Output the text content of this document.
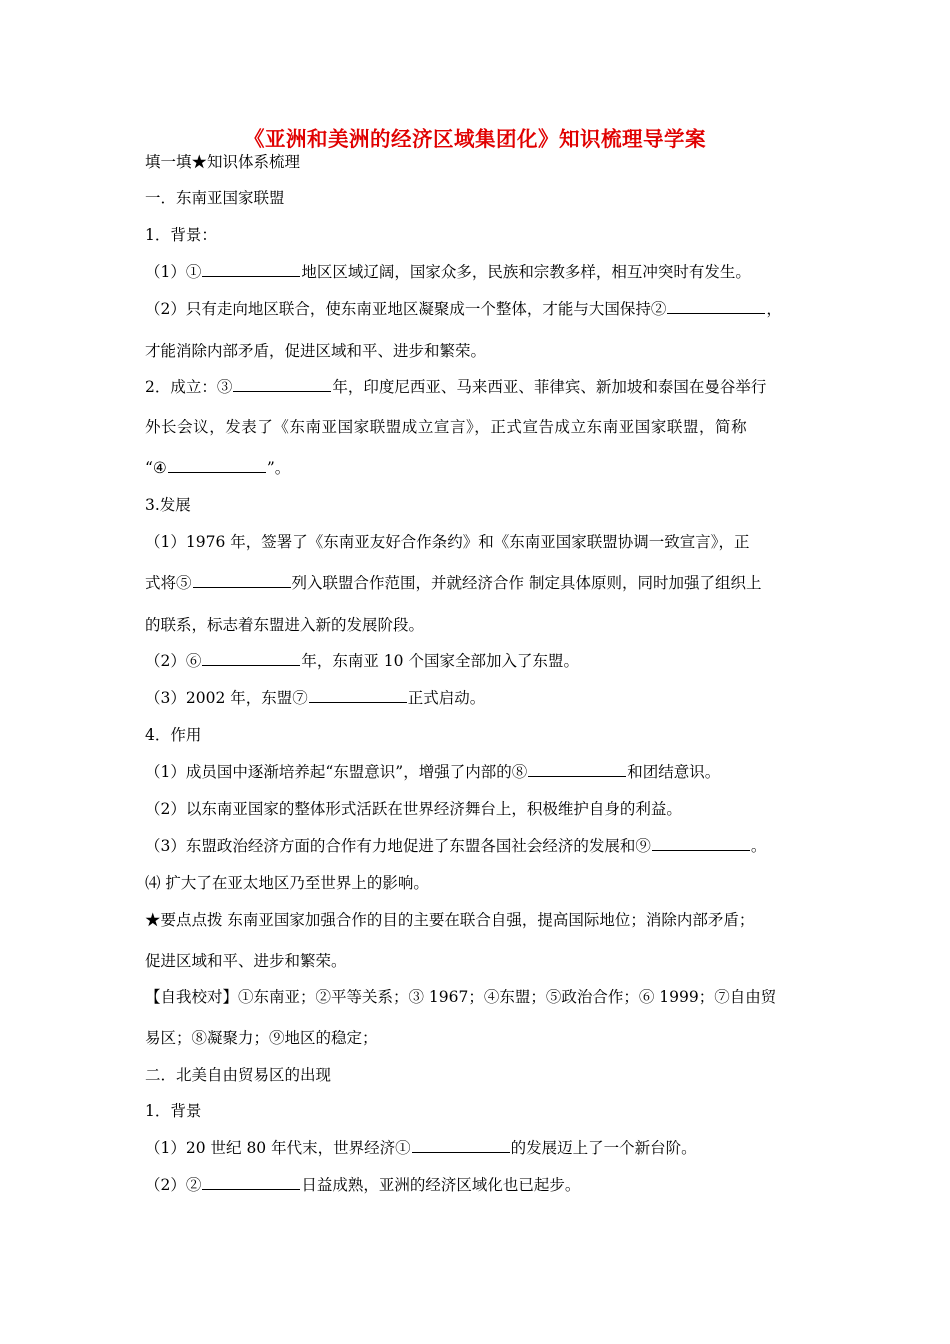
《亚洲和美洲的经济区域集团化》知识梳理导学案
填一填★知识体系梳理
一．东南亚国家联盟
1．背景：
（1）①	地区区域辽阔，国家众多，民族和宗教多样，相互冲突时有发生。
（2）只有走向地区联合，使东南亚地区凝聚成一个整体，才能与大国保持②	，
才能消除内部矛盾，促进区域和平、进步和繁荣。
2．成立：③	年，印度尼西亚、马来西亚、菲律宾、新加坡和泰国在曼谷举行
外长会议，发表了《东南亚国家联盟成立宣言》，正式宣告成立东南亚国家联盟，简称
“④	”。
3.发展
（1）1976 年，签署了《东南亚友好合作条约》和《东南亚国家联盟协调一致宣言》，正
式将⑤	列入联盟合作范围，并就经济合作 制定具体原则，同时加强了组织上
的联系，标志着东盟进入新的发展阶段。
（2）⑥	年，东南亚 10 个国家全部加入了东盟。
（3）2002 年，东盟⑦	正式启动。
4．作用
（1）成员国中逐渐培养起“东盟意识”，增强了内部的⑧	和团结意识。
（2）以东南亚国家的整体形式活跃在世界经济舞台上，积极维护自身的利益。
（3）东盟政治经济方面的合作有力地促进了东盟各国社会经济的发展和⑨	。
⑷ 扩大了在亚太地区乃至世界上的影响。
★要点点拨 东南亚国家加强合作的目的主要在联合自强，提高国际地位；消除内部矛盾；
促进区域和平、进步和繁荣。
【自我校对】①东南亚；②平等关系；③ 1967；④东盟；⑤政治合作；⑥ 1999；⑦自由贸
易区；⑧凝聚力；⑨地区的稳定；
二．北美自由贸易区的出现
1．背景
（1）20 世纪 80 年代末，世界经济①	的发展迈上了一个新台阶。
（2）②	日益成熟，亚洲的经济区域化也已起步。
